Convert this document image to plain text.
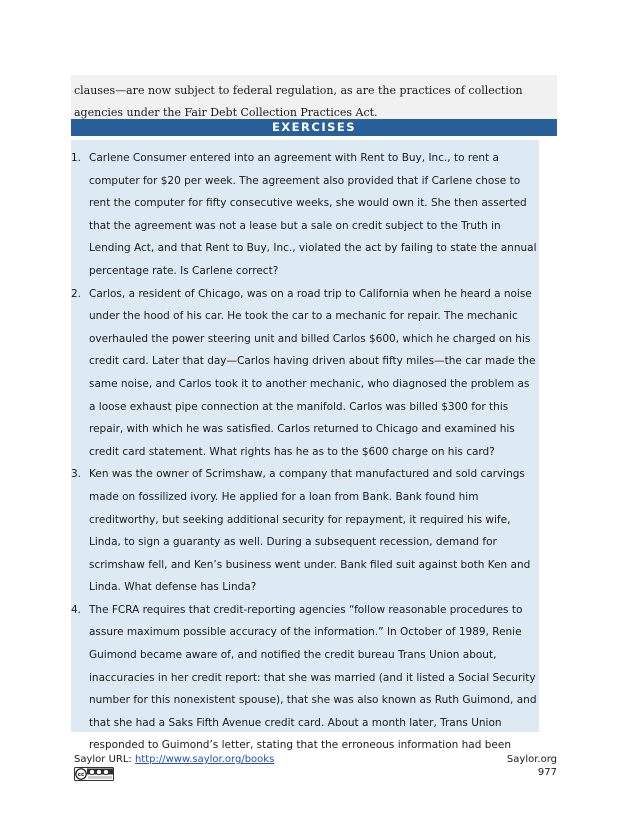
clauses—are now subject to federal regulation, as are the practices of collection agencies under the Fair Debt Collection Practices Act.
EXERCISES
1. Carlene Consumer entered into an agreement with Rent to Buy, Inc., to rent a computer for $20 per week. The agreement also provided that if Carlene chose to rent the computer for fifty consecutive weeks, she would own it. She then asserted that the agreement was not a lease but a sale on credit subject to the Truth in Lending Act, and that Rent to Buy, Inc., violated the act by failing to state the annual percentage rate. Is Carlene correct?
2. Carlos, a resident of Chicago, was on a road trip to California when he heard a noise under the hood of his car. He took the car to a mechanic for repair. The mechanic overhauled the power steering unit and billed Carlos $600, which he charged on his credit card. Later that day—Carlos having driven about fifty miles—the car made the same noise, and Carlos took it to another mechanic, who diagnosed the problem as a loose exhaust pipe connection at the manifold. Carlos was billed $300 for this repair, with which he was satisfied. Carlos returned to Chicago and examined his credit card statement. What rights has he as to the $600 charge on his card?
3. Ken was the owner of Scrimshaw, a company that manufactured and sold carvings made on fossilized ivory. He applied for a loan from Bank. Bank found him creditworthy, but seeking additional security for repayment, it required his wife, Linda, to sign a guaranty as well. During a subsequent recession, demand for scrimshaw fell, and Ken’s business went under. Bank filed suit against both Ken and Linda. What defense has Linda?
4. The FCRA requires that credit-reporting agencies “follow reasonable procedures to assure maximum possible accuracy of the information.” In October of 1989, Renie Guimond became aware of, and notified the credit bureau Trans Union about, inaccuracies in her credit report: that she was married (and it listed a Social Security number for this nonexistent spouse), that she was also known as Ruth Guimond, and that she had a Saks Fifth Avenue credit card. About a month later, Trans Union responded to Guimond’s letter, stating that the erroneous information had been
Saylor URL: http://www.saylor.org/books
cc
Saylor.org
977
